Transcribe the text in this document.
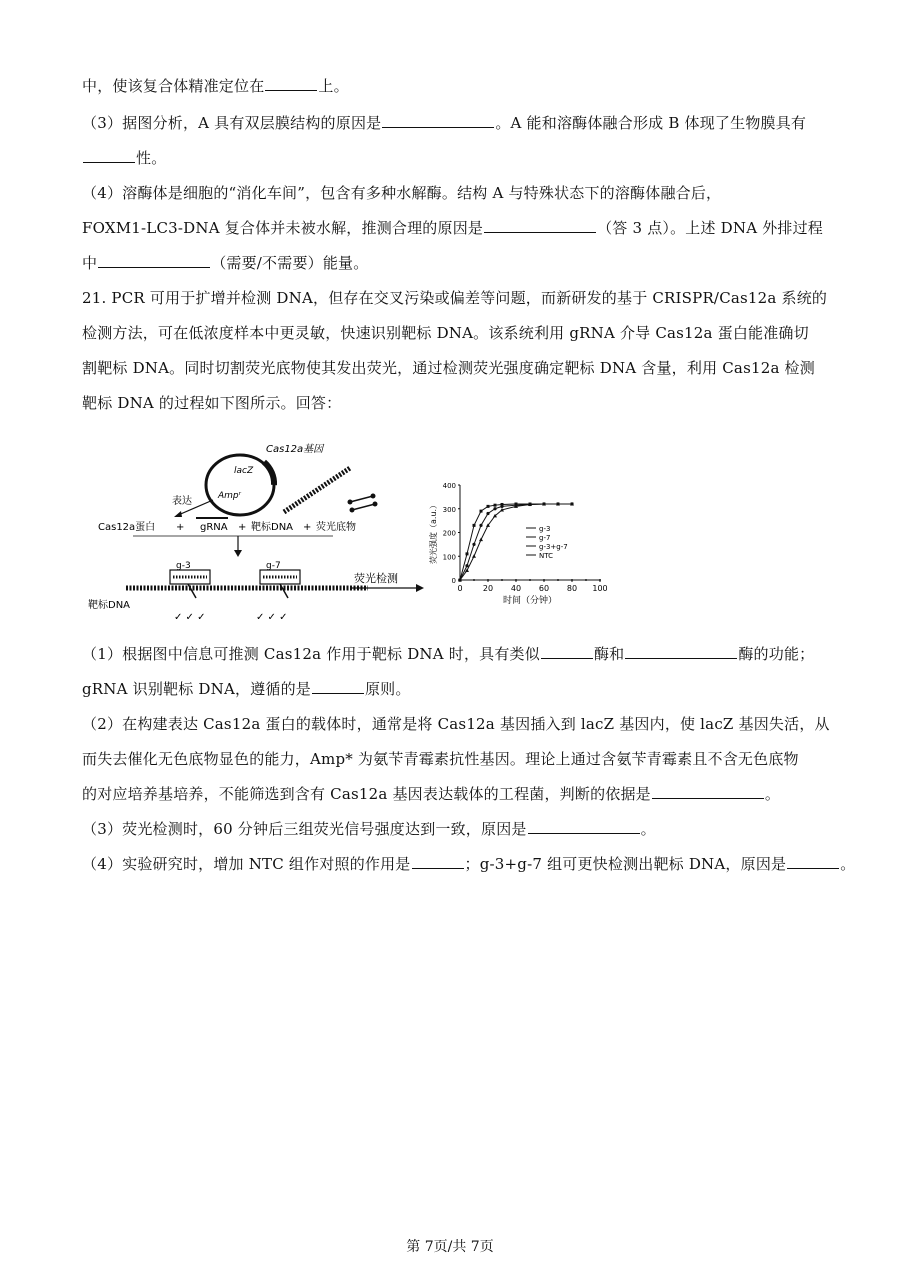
中，使该复合体精准定位在	上。
（3）据图分析，A 具有双层膜结构的原因是	。A 能和溶酶体融合形成 B 体现了生物膜具有
性。
（4）溶酶体是细胞的“消化车间”，包含有多种水解酶。结构 A 与特殊状态下的溶酶体融合后，
FOXM1-LC3-DNA 复合体并未被水解，推测合理的原因是	（答 3 点）。上述 DNA 外排过程
中	（需要/不需要）能量。
21. PCR 可用于扩增并检测 DNA，但存在交叉污染或偏差等问题，而新研发的基于 CRISPR/Cas12a 系统的
检测方法，可在低浓度样本中更灵敏，快速识别靶标 DNA。该系统利用 gRNA 介导 Cas12a 蛋白能准确切
割靶标 DNA。同时切割荧光底物使其发出荧光，通过检测荧光强度确定靶标 DNA 含量，利用 Cas12a 检测
靶标 DNA 的过程如下图所示。回答：
（1）根据图中信息可推测 Cas12a 作用于靶标 DNA 时，具有类似	酶和	酶的功能；
gRNA 识别靶标 DNA，遵循的是	原则。
（2）在构建表达 Cas12a 蛋白的载体时，通常是将 Cas12a 基因插入到 lacZ 基因内，使 lacZ 基因失活，从
而失去催化无色底物显色的能力，Amp* 为氨苄青霉素抗性基因。理论上通过含氨苄青霉素且不含无色底物
的对应培养基培养，不能筛选到含有 Cas12a 基因表达载体的工程菌，判断的依据是	。
（3）荧光检测时，60 分钟后三组荧光信号强度达到一致，原因是	。
（4）实验研究时，增加 NTC 组作对照的作用是	；g-3+g-7 组可更快检测出靶标 DNA，原因是	。
Cas12a基因
lacZ
Ampʳ
表达
Cas12a蛋白 + gRNA + 靶标DNA + 荧光底物
g-3	g-7
靶标DNA
✓ ✓ ✓	✓ ✓ ✓
荧光检测
0	20 40 60 80 100
0
100
200
300
400
时间（分钟）
荧光强度（a.u.）	g-3
g-7
g-3+g-7
NTC
第 7页/共 7页
